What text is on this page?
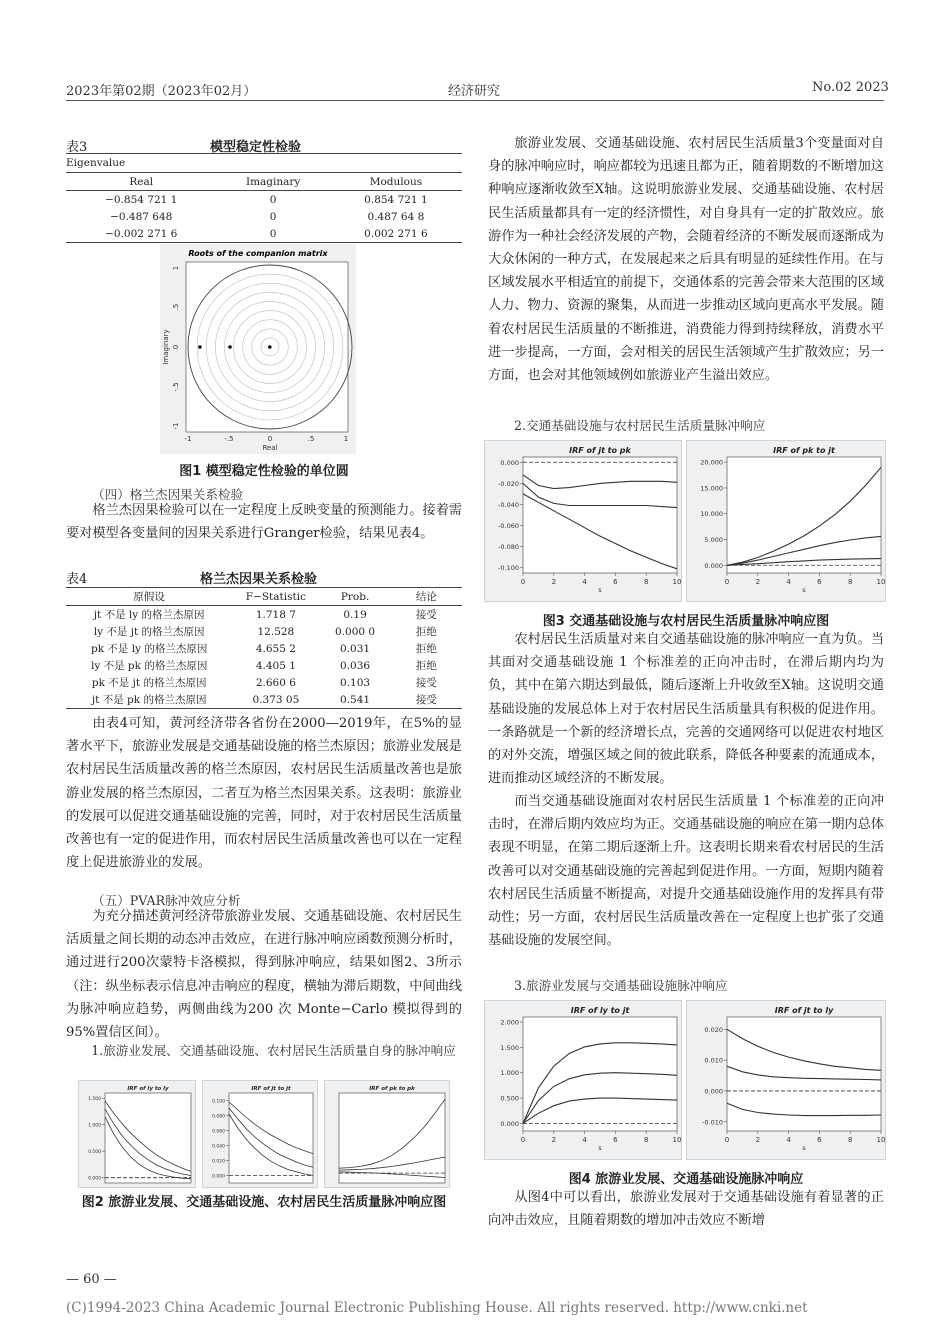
2023年第02期（2023年02月）	经济研究	No.02 2023
表3	模型稳定性检验
Eigenvalue
Real	Imaginary	Modulous
−0.854 721 1	0	0.854 721 1
−0.487 648	0	0.487 64 8
−0.002 271 6	0	0.002 271 6
Roots of the companion matrix
-1	-.5	0	.5	1
Real
1
.5
0
-.5
-1
Imaginary
图1 模型稳定性检验的单位圆
（四）格兰杰因果关系检验

格兰杰因果检验可以在一定程度上反映变量的预测能力。接着需要对模型各变量间的因果关系进行Granger检验，结果见表4。

表4	格兰杰因果关系检验
原假设	F−Statistic	Prob.	结论
jt 不是 ly 的格兰杰原因	1.718 7	0.19	接受
ly 不是 jt 的格兰杰原因	12.528	0.000 0	拒绝
pk 不是 ly 的格兰杰原因	4.655 2	0.031	拒绝
ly 不是 pk 的格兰杰原因	4.405 1	0.036	拒绝
pk 不是 jt 的格兰杰原因	2.660 6	0.103	接受
jt 不是 pk 的格兰杰原因	0.373 05	0.541	接受

由表4可知，黄河经济带各省份在2000—2019年，在5%的显著水平下，旅游业发展是交通基础设施的格兰杰原因；旅游业发展是农村居民生活质量改善的格兰杰原因，农村居民生活质量改善也是旅游业发展的格兰杰原因，二者互为格兰杰因果关系。这表明：旅游业的发展可以促进交通基础设施的完善，同时，对于农村居民生活质量改善也有一定的促进作用，而农村居民生活质量改善也可以在一定程度上促进旅游业的发展。

（五）PVAR脉冲效应分析

为充分描述黄河经济带旅游业发展、交通基础设施、农村居民生活质量之间长期的动态冲击效应，在进行脉冲响应函数预测分析时，通过进行200次蒙特卡洛模拟，得到脉冲响应，结果如图2、3所示（注：纵坐标表示信息冲击响应的程度，横轴为滞后期数，中间曲线为脉冲响应趋势，两侧曲线为200 次 Monte−Carlo 模拟得到的 95%置信区间）。

1.旅游业发展、交通基础设施、农村居民生活质量自身的脉冲响应
IRF of ly to ly
1.500
1.000
0.500
0.000
IRF of jt to jt
0.100
0.080
0.060
0.040
0.020
0.000
IRF of pk to pk
图2 旅游业发展、交通基础设施、农村居民生活质量脉冲响应图

旅游业发展、交通基础设施、农村居民生活质量3个变量面对自身的脉冲响应时，响应都较为迅速且都为正，随着期数的不断增加这种响应逐渐收敛至X轴。这说明旅游业发展、交通基础设施、农村居民生活质量都具有一定的经济惯性，对自身具有一定的扩散效应。旅游作为一种社会经济发展的产物，会随着经济的不断发展而逐渐成为大众休闲的一种方式，在发展起来之后具有明显的延续性作用。在与区域发展水平相适宜的前提下，交通体系的完善会带来大范围的区域人力、物力、资源的聚集，从而进一步推动区域向更高水平发展。随着农村居民生活质量的不断推进，消费能力得到持续释放，消费水平进一步提高，一方面，会对相关的居民生活领域产生扩散效应；另一方面，也会对其他领域例如旅游业产生溢出效应。

2.交通基础设施与农村居民生活质量脉冲响应
IRF of jt to pk
0.000
-0.020
-0.040
-0.060
-0.080
-0.100
0	2	4	6	8	10
s
IRF of pk to jt
20.000
15.000
10.000
5.000
0.000
0	2	4	6	8	10
s
图3 交通基础设施与农村居民生活质量脉冲响应图

农村居民生活质量对来自交通基础设施的脉冲响应一直为负。当其面对交通基础设施 1 个标准差的正向冲击时，在滞后期内均为负，其中在第六期达到最低，随后逐渐上升收敛至X轴。这说明交通基础设施的发展总体上对于农村居民生活质量具有积极的促进作用。一条路就是一个新的经济增长点，完善的交通网络可以促进农村地区的对外交流，增强区域之间的彼此联系，降低各种要素的流通成本，进而推动区域经济的不断发展。

而当交通基础设施面对农村居民生活质量 1 个标准差的正向冲击时，在滞后期内效应均为正。交通基础设施的响应在第一期内总体表现不明显，在第二期后逐渐上升。这表明长期来看农村居民的生活改善可以对交通基础设施的完善起到促进作用。一方面，短期内随着农村居民生活质量不断提高，对提升交通基础设施作用的发挥具有带动性；另一方面，农村居民生活质量改善在一定程度上也扩张了交通基础设施的发展空间。

3.旅游业发展与交通基础设施脉冲响应
IRF of ly to jt
2.000
1.500
1.000
0.500
0.000
0	2	4	6	8	10
s
IRF of jt to ly
0.020
0.010
0.000
-0.010
0	2	4	6	8	10
s
图4 旅游业发展、交通基础设施脉冲响应

从图4中可以看出，旅游业发展对于交通基础设施有着显著的正向冲击效应，且随着期数的增加冲击效应不断增

— 60 —
(C)1994-2023 China Academic Journal Electronic Publishing House. All rights reserved. http://www.cnki.net
